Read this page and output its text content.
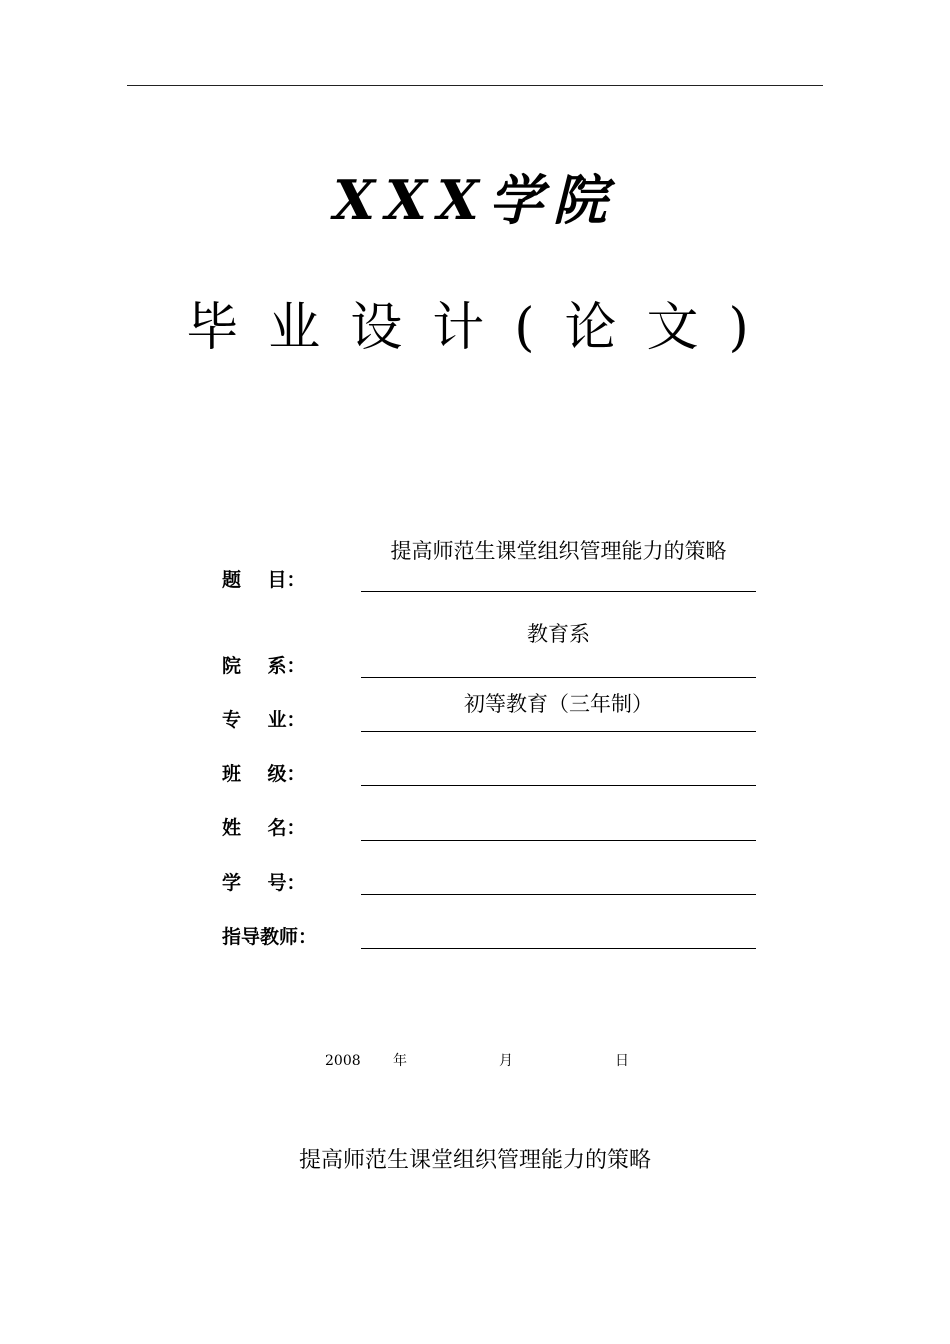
XXX学院
毕业设计(论文)
提高师范生课堂组织管理能力的策略
题    目：
教育系
院    系：
初等教育（三年制）
专    业：
班    级：
姓    名：
学    号：
指导教师：
2008 年	月	日
提高师范生课堂组织管理能力的策略
